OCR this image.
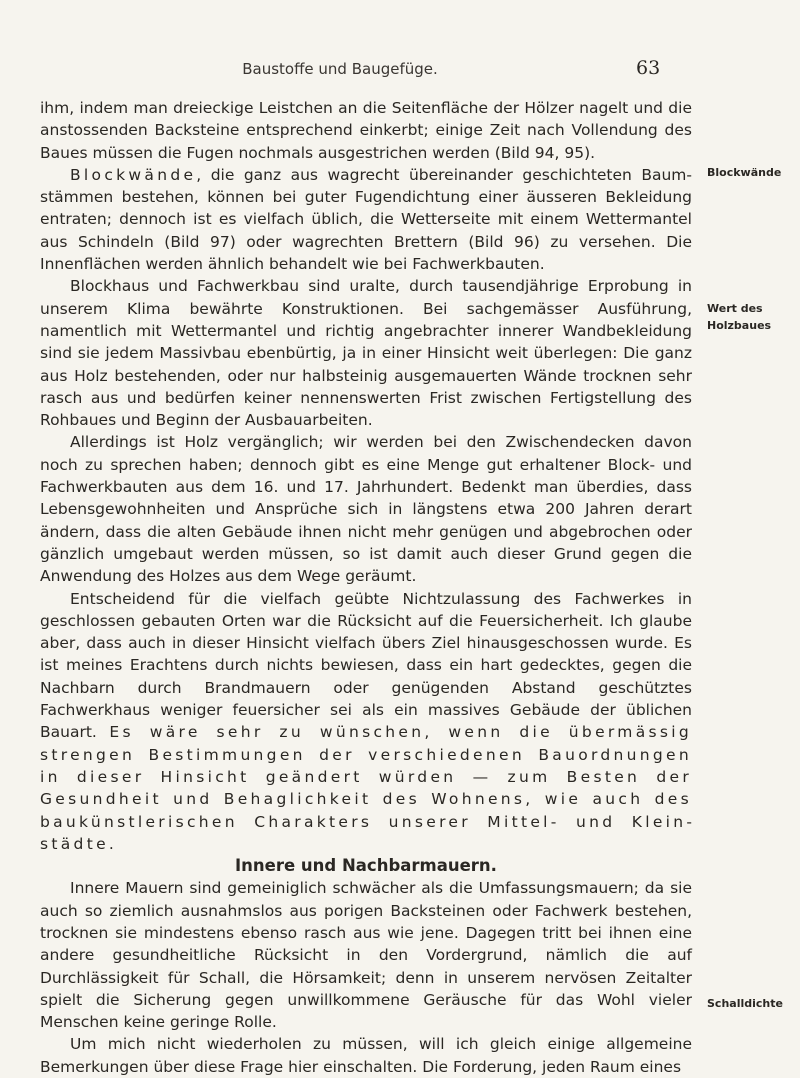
Baustoffe und Baugefüge.	63

ihm, indem man dreieckige Leistchen an die Seitenfläche der Hölzer nagelt und die anstossenden Backsteine entsprechend einkerbt; einige Zeit nach Vollendung des Baues müssen die Fugen nochmals ausgestrichen werden (Bild 94, 95).

Blockwände, die ganz aus wagrecht übereinander geschichteten Baumstämmen bestehen, können bei guter Fugendichtung einer äusseren Bekleidung entraten; dennoch ist es vielfach üblich, die Wetterseite mit einem Wettermantel aus Schindeln (Bild 97) oder wagrechten Brettern (Bild 96) zu versehen. Die Innenflächen werden ähnlich behandelt wie bei Fachwerkbauten.

Blockhaus und Fachwerkbau sind uralte, durch tausendjährige Erprobung in unserem Klima bewährte Konstruktionen. Bei sachgemässer Ausführung, namentlich mit Wettermantel und richtig angebrachter innerer Wandbekleidung sind sie jedem Massivbau ebenbürtig, ja in einer Hinsicht weit überlegen: Die ganz aus Holz bestehenden, oder nur halbsteinig ausgemauerten Wände trocknen sehr rasch aus und bedürfen keiner nennenswerten Frist zwischen Fertigstellung des Rohbaues und Beginn der Ausbauarbeiten.

Allerdings ist Holz vergänglich; wir werden bei den Zwischendecken davon noch zu sprechen haben; dennoch gibt es eine Menge gut erhaltener Block- und Fachwerkbauten aus dem 16. und 17. Jahrhundert. Bedenkt man überdies, dass Lebensgewohnheiten und Ansprüche sich in längstens etwa 200 Jahren derart ändern, dass die alten Gebäude ihnen nicht mehr genügen und abgebrochen oder gänzlich umgebaut werden müssen, so ist damit auch dieser Grund gegen die Anwendung des Holzes aus dem Wege geräumt.

Entscheidend für die vielfach geübte Nichtzulassung des Fachwerkes in geschlossen gebauten Orten war die Rücksicht auf die Feuersicherheit. Ich glaube aber, dass auch in dieser Hinsicht vielfach übers Ziel hinausgeschossen wurde. Es ist meines Erachtens durch nichts bewiesen, dass ein hart gedecktes, gegen die Nachbarn durch Brandmauern oder genügenden Abstand geschütztes Fachwerkhaus weniger feuersicher sei als ein massives Gebäude der üblichen Bauart. Es wäre sehr zu wünschen, wenn die übermässig strengen Bestimmungen der verschiedenen Bauordnungen in dieser Hinsicht geändert würden — zum Besten der Gesundheit und Behaglichkeit des Wohnens, wie auch des baukünstlerischen Charakters unserer Mittel- und Kleinstädte.

Innere und Nachbarmauern.

Innere Mauern sind gemeiniglich schwächer als die Umfassungsmauern; da sie auch so ziemlich ausnahmslos aus porigen Backsteinen oder Fachwerk bestehen, trocknen sie mindestens ebenso rasch aus wie jene. Dagegen tritt bei ihnen eine andere gesundheitliche Rücksicht in den Vordergrund, nämlich die auf Durchlässigkeit für Schall, die Hörsamkeit; denn in unserem nervösen Zeitalter spielt die Sicherung gegen unwillkommene Geräusche für das Wohl vieler Menschen keine geringe Rolle.

Um mich nicht wiederholen zu müssen, will ich gleich einige allgemeine Bemerkungen über diese Frage hier einschalten. Die Forderung, jeden Raum eines

Blockwände
Wert des
Holzbaues
Schalldichte
